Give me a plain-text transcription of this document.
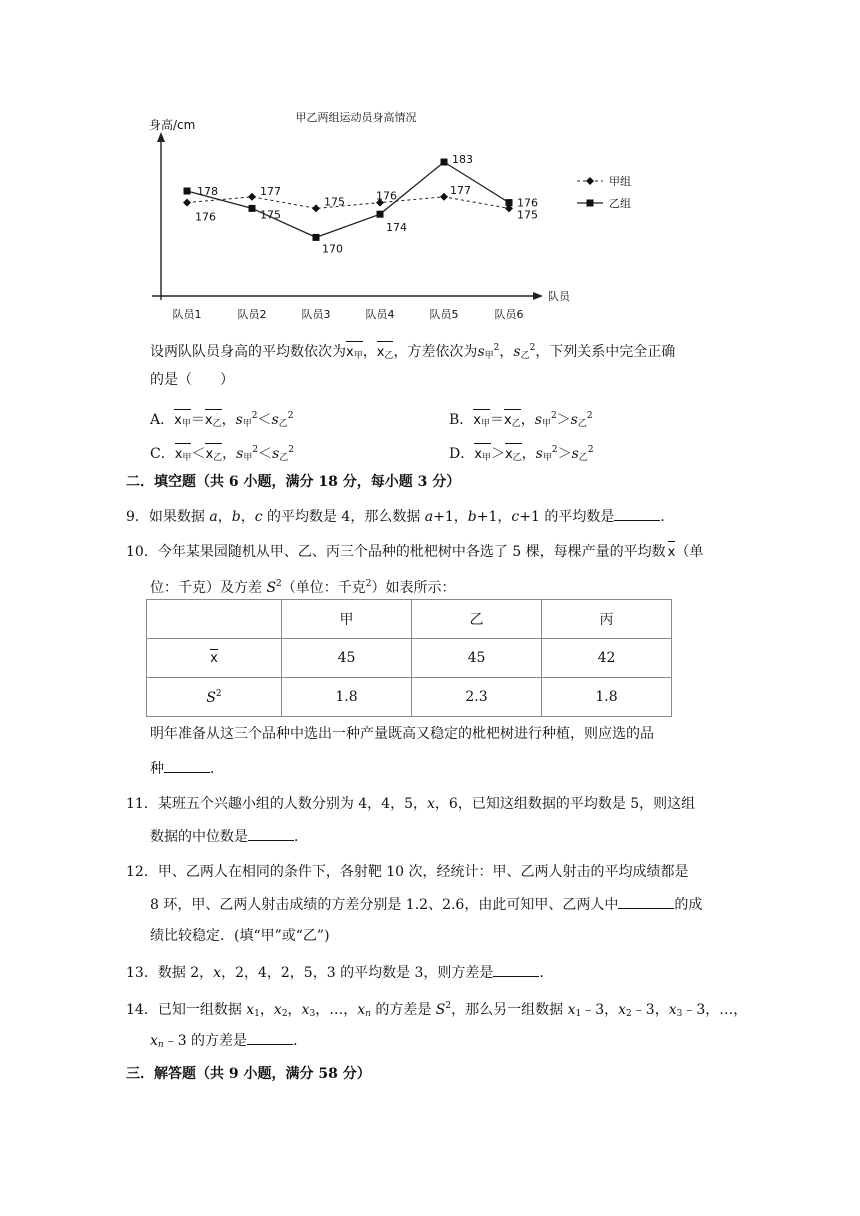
甲乙两组运动员身高情况
身高/cm
队员
队员1	队员2	队员3	队员4	队员5	队员6
176
177
175	176	177
175
178
175
170
174
183
176
甲组
乙组
设两队队员身高的平均数依次为$x_甲$，$x_乙$，方差依次为$s_甲^2$，$s_乙^2$，下列关系中完全正确
的是（　　）
A．$x_甲=x_乙$，$s_甲^2<s_乙^2$	B．$x_甲=x_乙$，$s_甲^2>s_乙^2$
C．$x_甲<x_乙$，$s_甲^2<s_乙^2$	D．$x_甲>x_乙$，$s_甲^2>s_乙^2$
二．填空题（共 6 小题，满分 18 分，每小题 3 分）
9．如果数据 a，b，c 的平均数是 4，那么数据 a+1，b+1，c+1 的平均数是	．
10．今年某果园随机从甲、乙、丙三个品种的枇杷树中各选了 5 棵，每棵产量的平均数 x（单
位：千克）及方差 $S^2$（单位：千克$^2$）如表所示：
	甲	乙	丙
x	45	45	42
$S^2$	1.8	2.3	1.8
明年准备从这三个品种中选出一种产量既高又稳定的枇杷树进行种植，则应选的品
种	．
11．某班五个兴趣小组的人数分别为 4，4，5，x，6，已知这组数据的平均数是 5，则这组
数据的中位数是	．
12．甲、乙两人在相同的条件下，各射靶 10 次，经统计：甲、乙两人射击的平均成绩都是
8 环，甲、乙两人射击成绩的方差分别是 1.2、2.6，由此可知甲、乙两人中	的成
绩比较稳定．(填“甲”或“乙”)
13．数据 2，x，2，4，2，5，3 的平均数是 3，则方差是	．
14．已知一组数据 $x_1$，$x_2$，$x_3$，…，$x_n$ 的方差是 $S^2$，那么另一组数据 $x_1﹣3$，$x_2﹣3$，$x_3﹣3$，…，
$x_n﹣3$ 的方差是	．
三．解答题（共 9 小题，满分 58 分）
